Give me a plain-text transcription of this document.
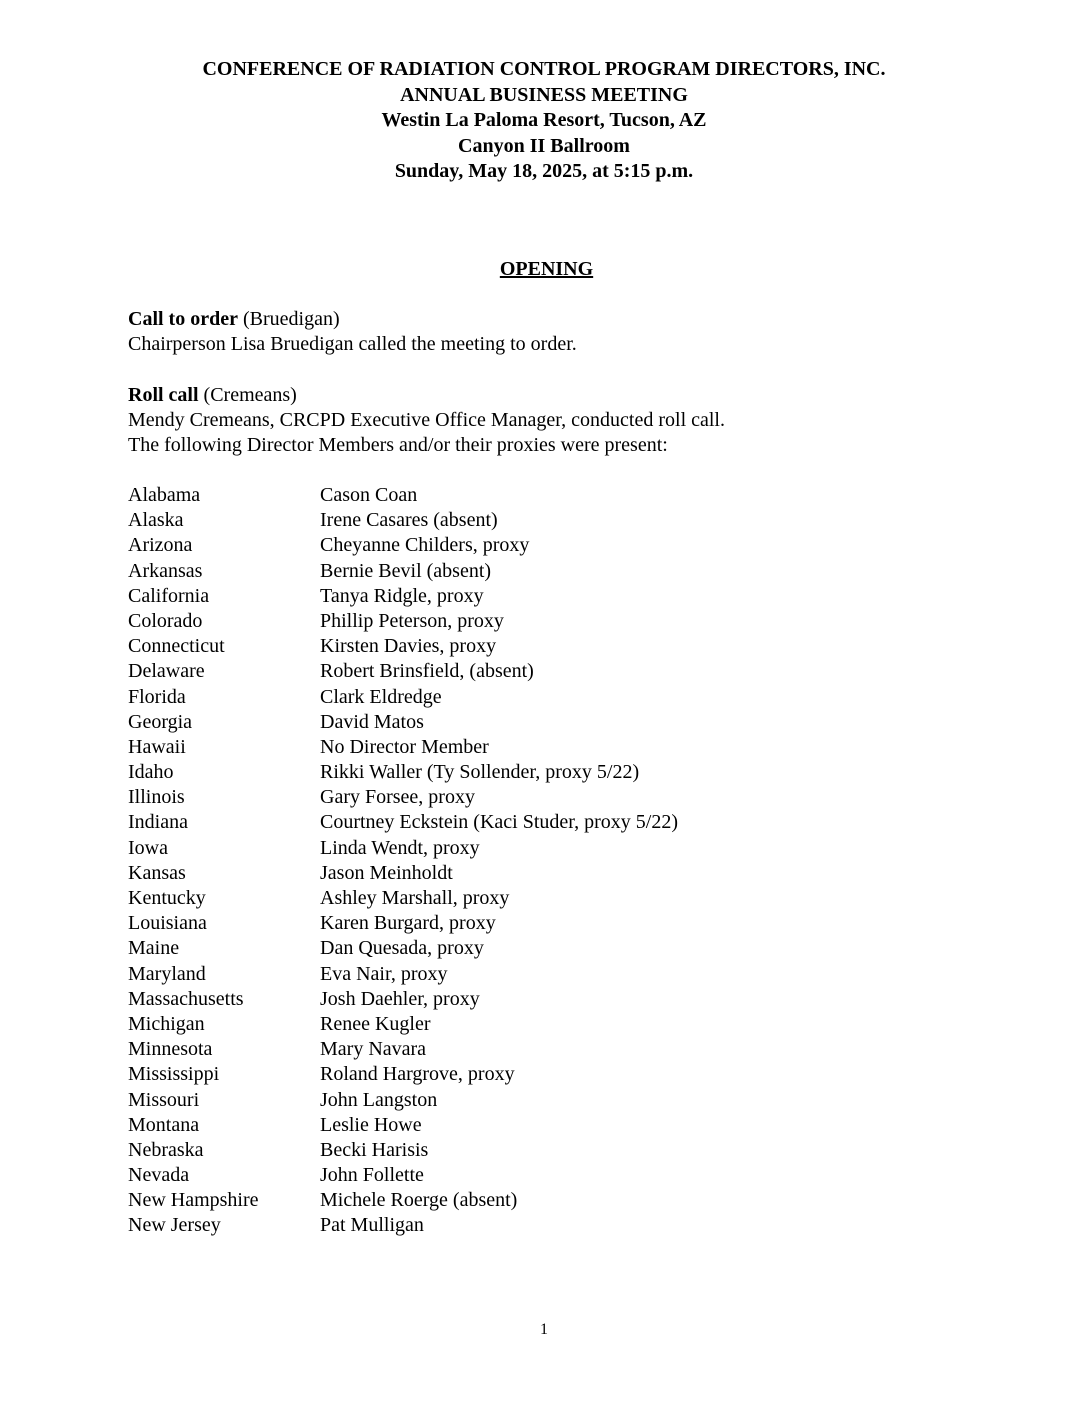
CONFERENCE OF RADIATION CONTROL PROGRAM DIRECTORS, INC.
ANNUAL BUSINESS MEETING
Westin La Paloma Resort, Tucson, AZ
Canyon II Ballroom
Sunday, May 18, 2025, at 5:15 p.m.
OPENING
Call to order (Bruedigan)
Chairperson Lisa Bruedigan called the meeting to order.
Roll call (Cremeans)
Mendy Cremeans, CRCPD Executive Office Manager, conducted roll call.
The following Director Members and/or their proxies were present:
Alabama	Cason Coan
Alaska	Irene Casares (absent)
Arizona	Cheyanne Childers, proxy
Arkansas	Bernie Bevil (absent)
California	Tanya Ridgle, proxy
Colorado	Phillip Peterson, proxy
Connecticut	Kirsten Davies, proxy
Delaware	Robert Brinsfield, (absent)
Florida	Clark Eldredge
Georgia	David Matos
Hawaii	No Director Member
Idaho	Rikki Waller (Ty Sollender, proxy 5/22)
Illinois	Gary Forsee, proxy
Indiana	Courtney Eckstein (Kaci Studer, proxy 5/22)
Iowa	Linda Wendt, proxy
Kansas	Jason Meinholdt
Kentucky	Ashley Marshall, proxy
Louisiana	Karen Burgard, proxy
Maine	Dan Quesada, proxy
Maryland	Eva Nair, proxy
Massachusetts	Josh Daehler, proxy
Michigan	Renee Kugler
Minnesota	Mary Navara
Mississippi	Roland Hargrove, proxy
Missouri	John Langston
Montana	Leslie Howe
Nebraska	Becki Harisis
Nevada	John Follette
New Hampshire	Michele Roerge (absent)
New Jersey	Pat Mulligan
1
